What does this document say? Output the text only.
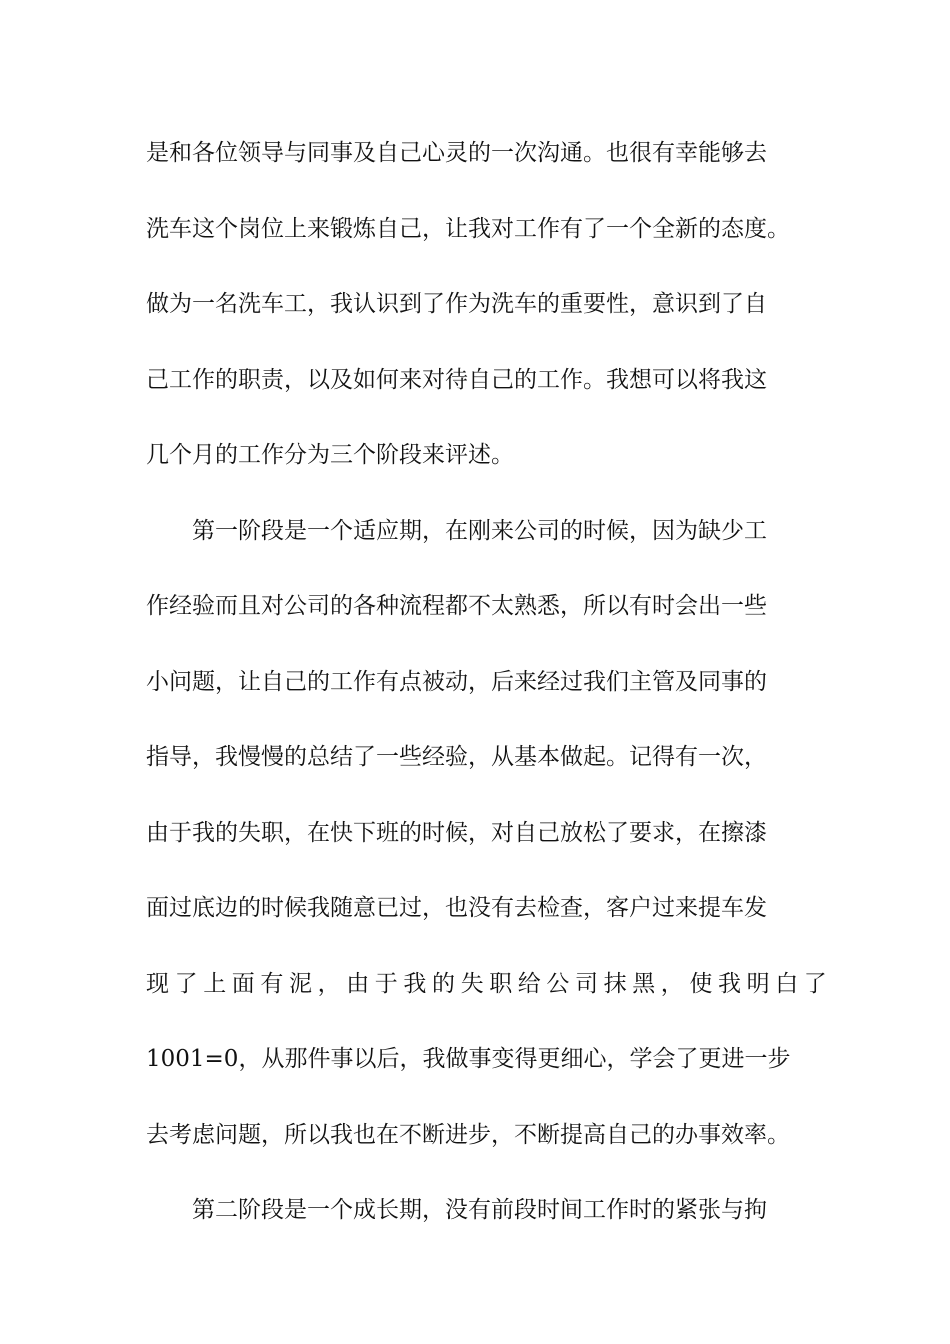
是和各位领导与同事及自己心灵的一次沟通。也很有幸能够去
洗车这个岗位上来锻炼自己，让我对工作有了一个全新的态度。
做为一名洗车工，我认识到了作为洗车的重要性，意识到了自
己工作的职责，以及如何来对待自己的工作。我想可以将我这
几个月的工作分为三个阶段来评述。
第一阶段是一个适应期，在刚来公司的时候，因为缺少工
作经验而且对公司的各种流程都不太熟悉，所以有时会出一些
小问题，让自己的工作有点被动，后来经过我们主管及同事的
指导，我慢慢的总结了一些经验，从基本做起。记得有一次，
由于我的失职，在快下班的时候，对自己放松了要求，在擦漆
面过底边的时候我随意已过，也没有去检查，客户过来提车发
现了上面有泥，由于我的失职给公司抹黑，使我明白了
1001=0，从那件事以后，我做事变得更细心，学会了更进一步
去考虑问题，所以我也在不断进步，不断提高自己的办事效率。
第二阶段是一个成长期，没有前段时间工作时的紧张与拘
